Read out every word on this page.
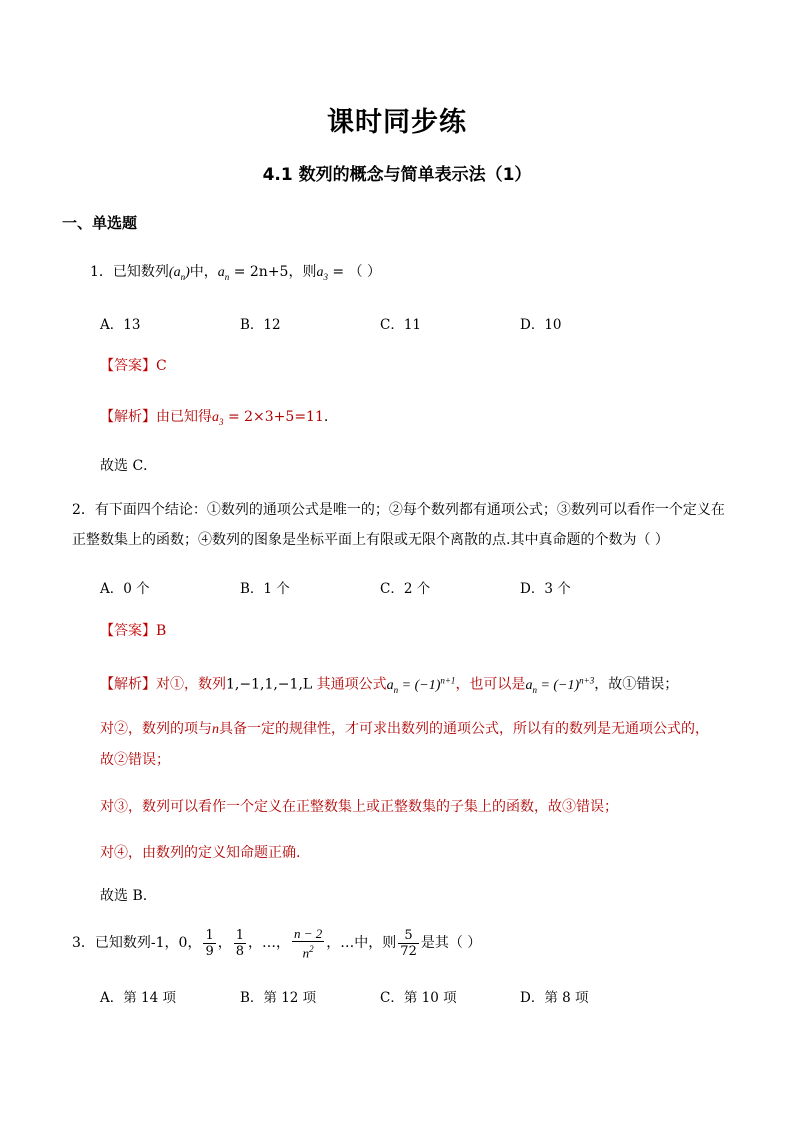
课时同步练
4.1 数列的概念与简单表示法（1）
一、单选题
1．已知数列$(a_n)$中，$a_n = 2n+5$，则$a_3$ = （ ）
A．13	B．12	C．11	D．10
【答案】C
【解析】由已知得$a_3 = 2\times 3+5=11$.
故选 C．
2．有下面四个结论：①数列的通项公式是唯一的；②每个数列都有通项公式；③数列可以看作一个定义在
正整数集上的函数；④数列的图象是坐标平面上有限或无限个离散的点.其中真命题的个数为（ ）
A．0 个	B．1 个	C．2 个	D．3 个
【答案】B
【解析】对①，数列1,−1,1,−1,L 其通项公式$a_n = (-1)^{n+1}$，也可以是$a_n = (-1)^{n+3}$，故①错误；
对②，数列的项与n具备一定的规律性，才可求出数列的通项公式，所以有的数列是无通项公式的，
故②错误；
对③，数列可以看作一个定义在正整数集上或正整数集的子集上的函数，故③错误；
对④，由数列的定义知命题正确.
故选 B.
3．已知数列-1，0， $\frac{1}{9}$ ， $\frac{1}{8}$ ，…， $\frac{n - 2}{n^2}$ ，…中，则 $\frac{5}{72}$ 是其（ ）
A．第 14 项	B．第 12 项	C．第 10 项	D．第 8 项
